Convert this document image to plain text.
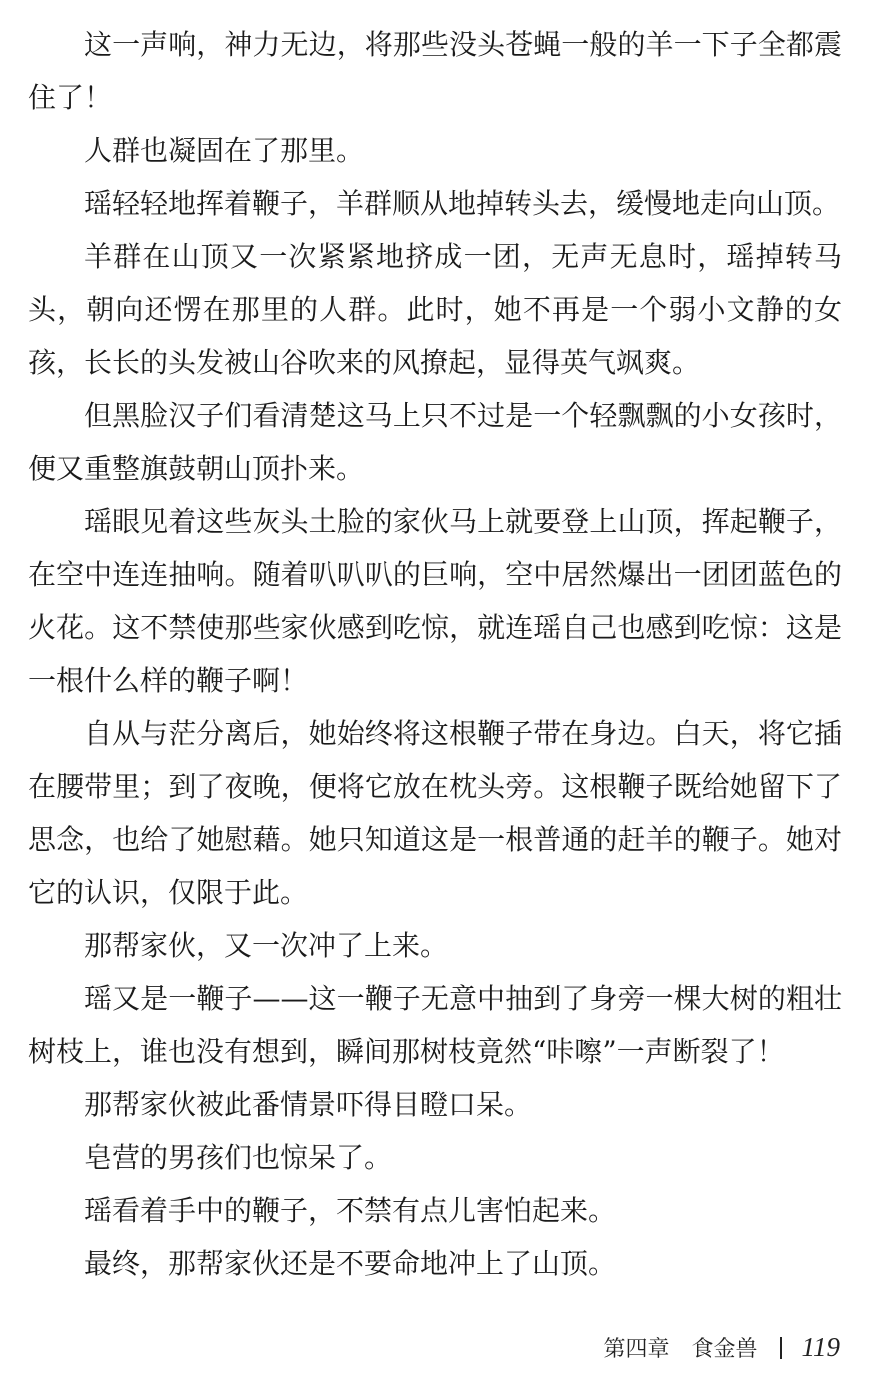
这一声响，神力无边，将那些没头苍蝇一般的羊一下子全都震住了！

人群也凝固在了那里。

瑶轻轻地挥着鞭子，羊群顺从地掉转头去，缓慢地走向山顶。

羊群在山顶又一次紧紧地挤成一团，无声无息时，瑶掉转马头，朝向还愣在那里的人群。此时，她不再是一个弱小文静的女孩，长长的头发被山谷吹来的风撩起，显得英气飒爽。

但黑脸汉子们看清楚这马上只不过是一个轻飘飘的小女孩时，便又重整旗鼓朝山顶扑来。

瑶眼见着这些灰头土脸的家伙马上就要登上山顶，挥起鞭子，在空中连连抽响。随着叭叭叭的巨响，空中居然爆出一团团蓝色的火花。这不禁使那些家伙感到吃惊，就连瑶自己也感到吃惊：这是一根什么样的鞭子啊！

自从与茫分离后，她始终将这根鞭子带在身边。白天，将它插在腰带里；到了夜晚，便将它放在枕头旁。这根鞭子既给她留下了思念，也给了她慰藉。她只知道这是一根普通的赶羊的鞭子。她对它的认识，仅限于此。

那帮家伙，又一次冲了上来。

瑶又是一鞭子——这一鞭子无意中抽到了身旁一棵大树的粗壮树枝上，谁也没有想到，瞬间那树枝竟然“咔嚓”一声断裂了！

那帮家伙被此番情景吓得目瞪口呆。

皂营的男孩们也惊呆了。

瑶看着手中的鞭子，不禁有点儿害怕起来。

最终，那帮家伙还是不要命地冲上了山顶。

第四章　食金兽 119
